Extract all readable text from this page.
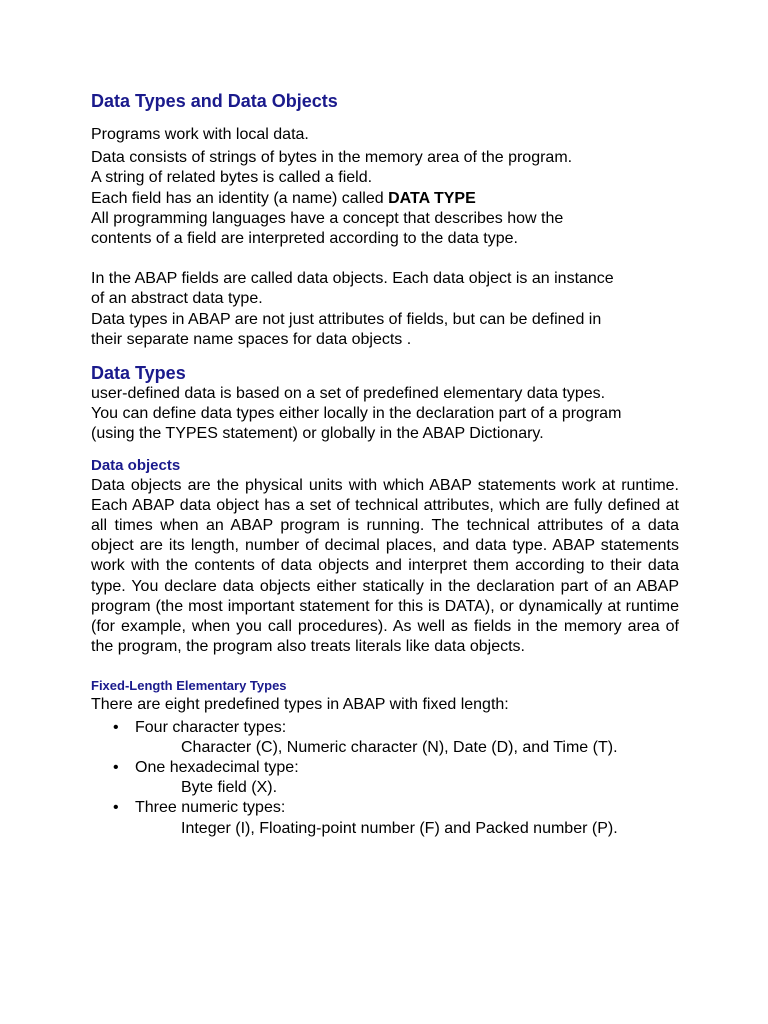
Data Types and Data Objects

Programs work with local data.

Data consists of strings of bytes in the memory area of the program.

A string of related bytes is called a field.

Each field has an identity (a name) called DATA TYPE

All programming languages have a concept that describes how the

contents of a field are interpreted according to the data type.

In the ABAP fields are called data objects. Each data object is an instance

of an abstract data type.

Data types in ABAP are not just attributes of fields, but can be defined in

their separate name spaces for data objects .

Data Types

user-defined data is based on a set of predefined elementary data types.

You can define data types either locally in the declaration part of a program

(using the TYPES statement) or globally in the ABAP Dictionary.

Data objects

Data objects are the physical units with which ABAP statements work at runtime. Each ABAP data object has a set of technical attributes, which are fully defined at all times when an ABAP program is running. The technical attributes of a data object are its length, number of decimal places, and data type. ABAP statements work with the contents of data objects and interpret them according to their data type. You declare data objects either statically in the declaration part of an ABAP program (the most important statement for this is DATA), or dynamically at runtime (for example, when you call procedures). As well as fields in the memory area of the program, the program also treats literals like data objects.

Fixed-Length Elementary Types

There are eight predefined types in ABAP with fixed length:

• Four character types:

Character (C), Numeric character (N), Date (D), and Time (T).

• One hexadecimal type:

Byte field (X).

• Three numeric types:

Integer (I), Floating-point number (F) and Packed number (P).
